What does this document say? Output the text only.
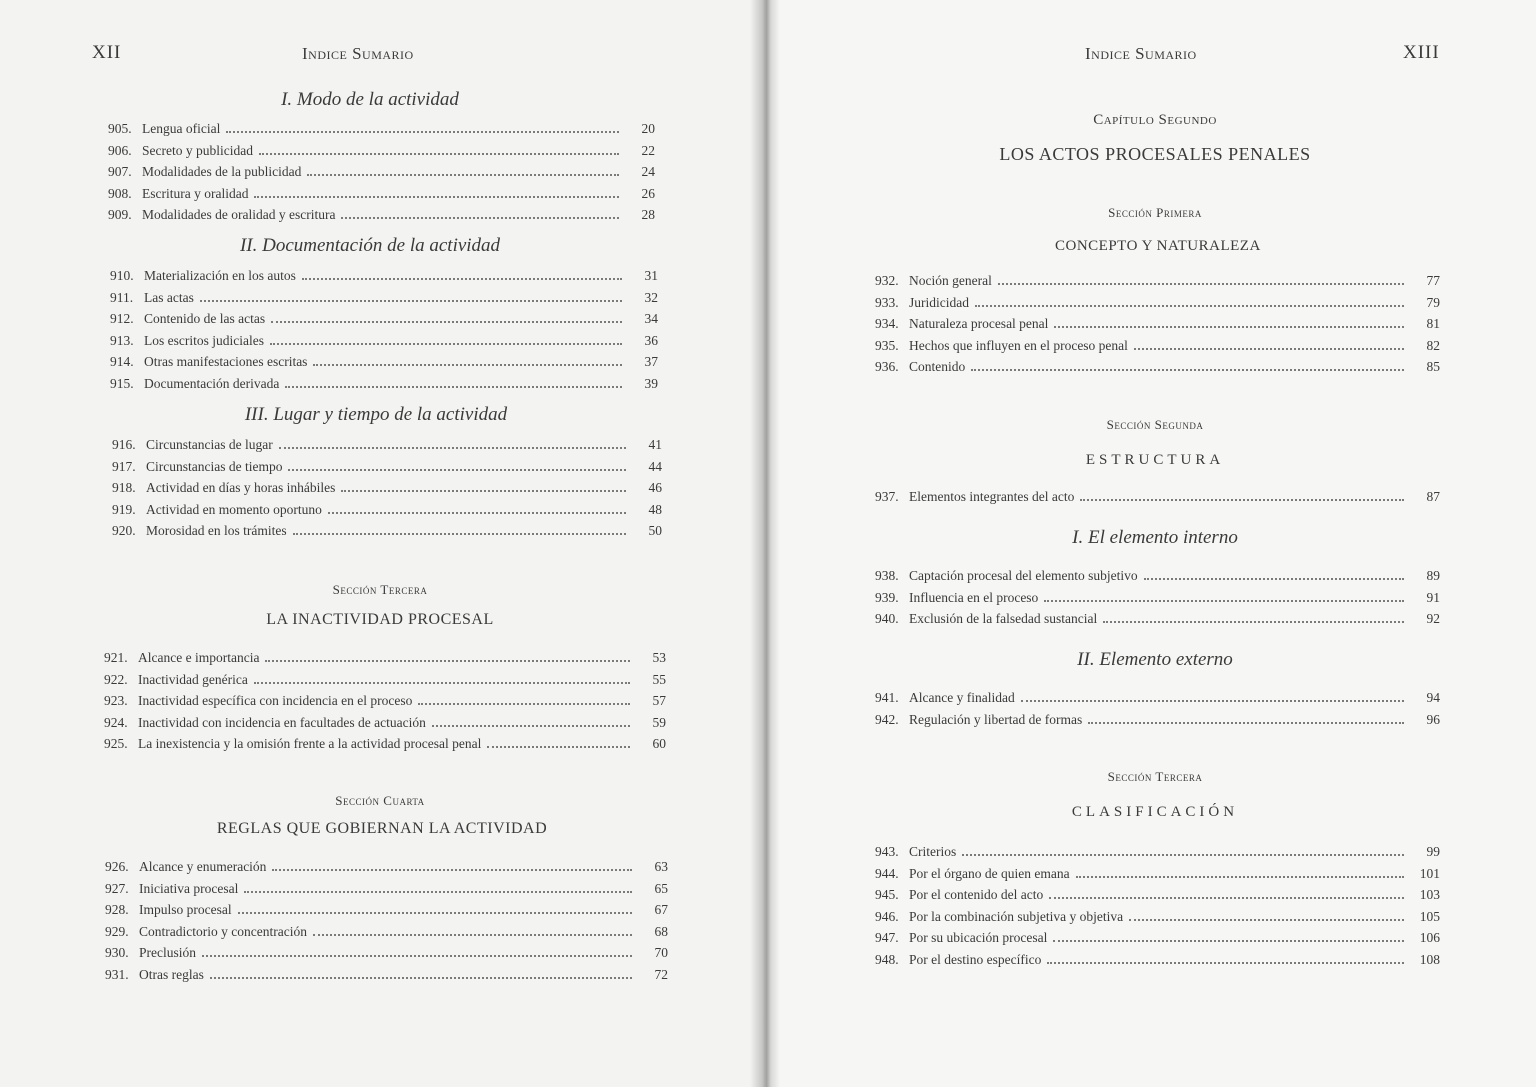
XII	Indice Sumario
I. Modo de la actividad
905. Lengua oficial	20
906. Secreto y publicidad	22
907. Modalidades de la publicidad	24
908. Escritura y oralidad	26
909. Modalidades de oralidad y escritura	28
II. Documentación de la actividad
910. Materialización en los autos	31
911. Las actas	32
912. Contenido de las actas	34
913. Los escritos judiciales	36
914. Otras manifestaciones escritas	37
915. Documentación derivada	39
III. Lugar y tiempo de la actividad
916. Circunstancias de lugar	41
917. Circunstancias de tiempo	44
918. Actividad en días y horas inhábiles	46
919. Actividad en momento oportuno	48
920. Morosidad en los trámites	50
Sección Tercera
LA INACTIVIDAD PROCESAL
921. Alcance e importancia	53
922. Inactividad genérica	55
923. Inactividad específica con incidencia en el proceso	57
924. Inactividad con incidencia en facultades de actuación	59
925. La inexistencia y la omisión frente a la actividad procesal penal	60
Sección Cuarta
REGLAS QUE GOBIERNAN LA ACTIVIDAD
926. Alcance y enumeración	63
927. Iniciativa procesal	65
928. Impulso procesal	67
929. Contradictorio y concentración	68
930. Preclusión	70
931. Otras reglas	72
Indice Sumario	XIII
Capítulo Segundo
LOS ACTOS PROCESALES PENALES
Sección Primera
CONCEPTO Y NATURALEZA
932. Noción general	77
933. Juridicidad	79
934. Naturaleza procesal penal	81
935. Hechos que influyen en el proceso penal	82
936. Contenido	85
Sección Segunda
ESTRUCTURA
937. Elementos integrantes del acto	87
I. El elemento interno
938. Captación procesal del elemento subjetivo	89
939. Influencia en el proceso	91
940. Exclusión de la falsedad sustancial	92
II. Elemento externo
941. Alcance y finalidad	94
942. Regulación y libertad de formas	96
Sección Tercera
CLASIFICACIÓN
943. Criterios	99
944. Por el órgano de quien emana	101
945. Por el contenido del acto	103
946. Por la combinación subjetiva y objetiva	105
947. Por su ubicación procesal	106
948. Por el destino específico	108
